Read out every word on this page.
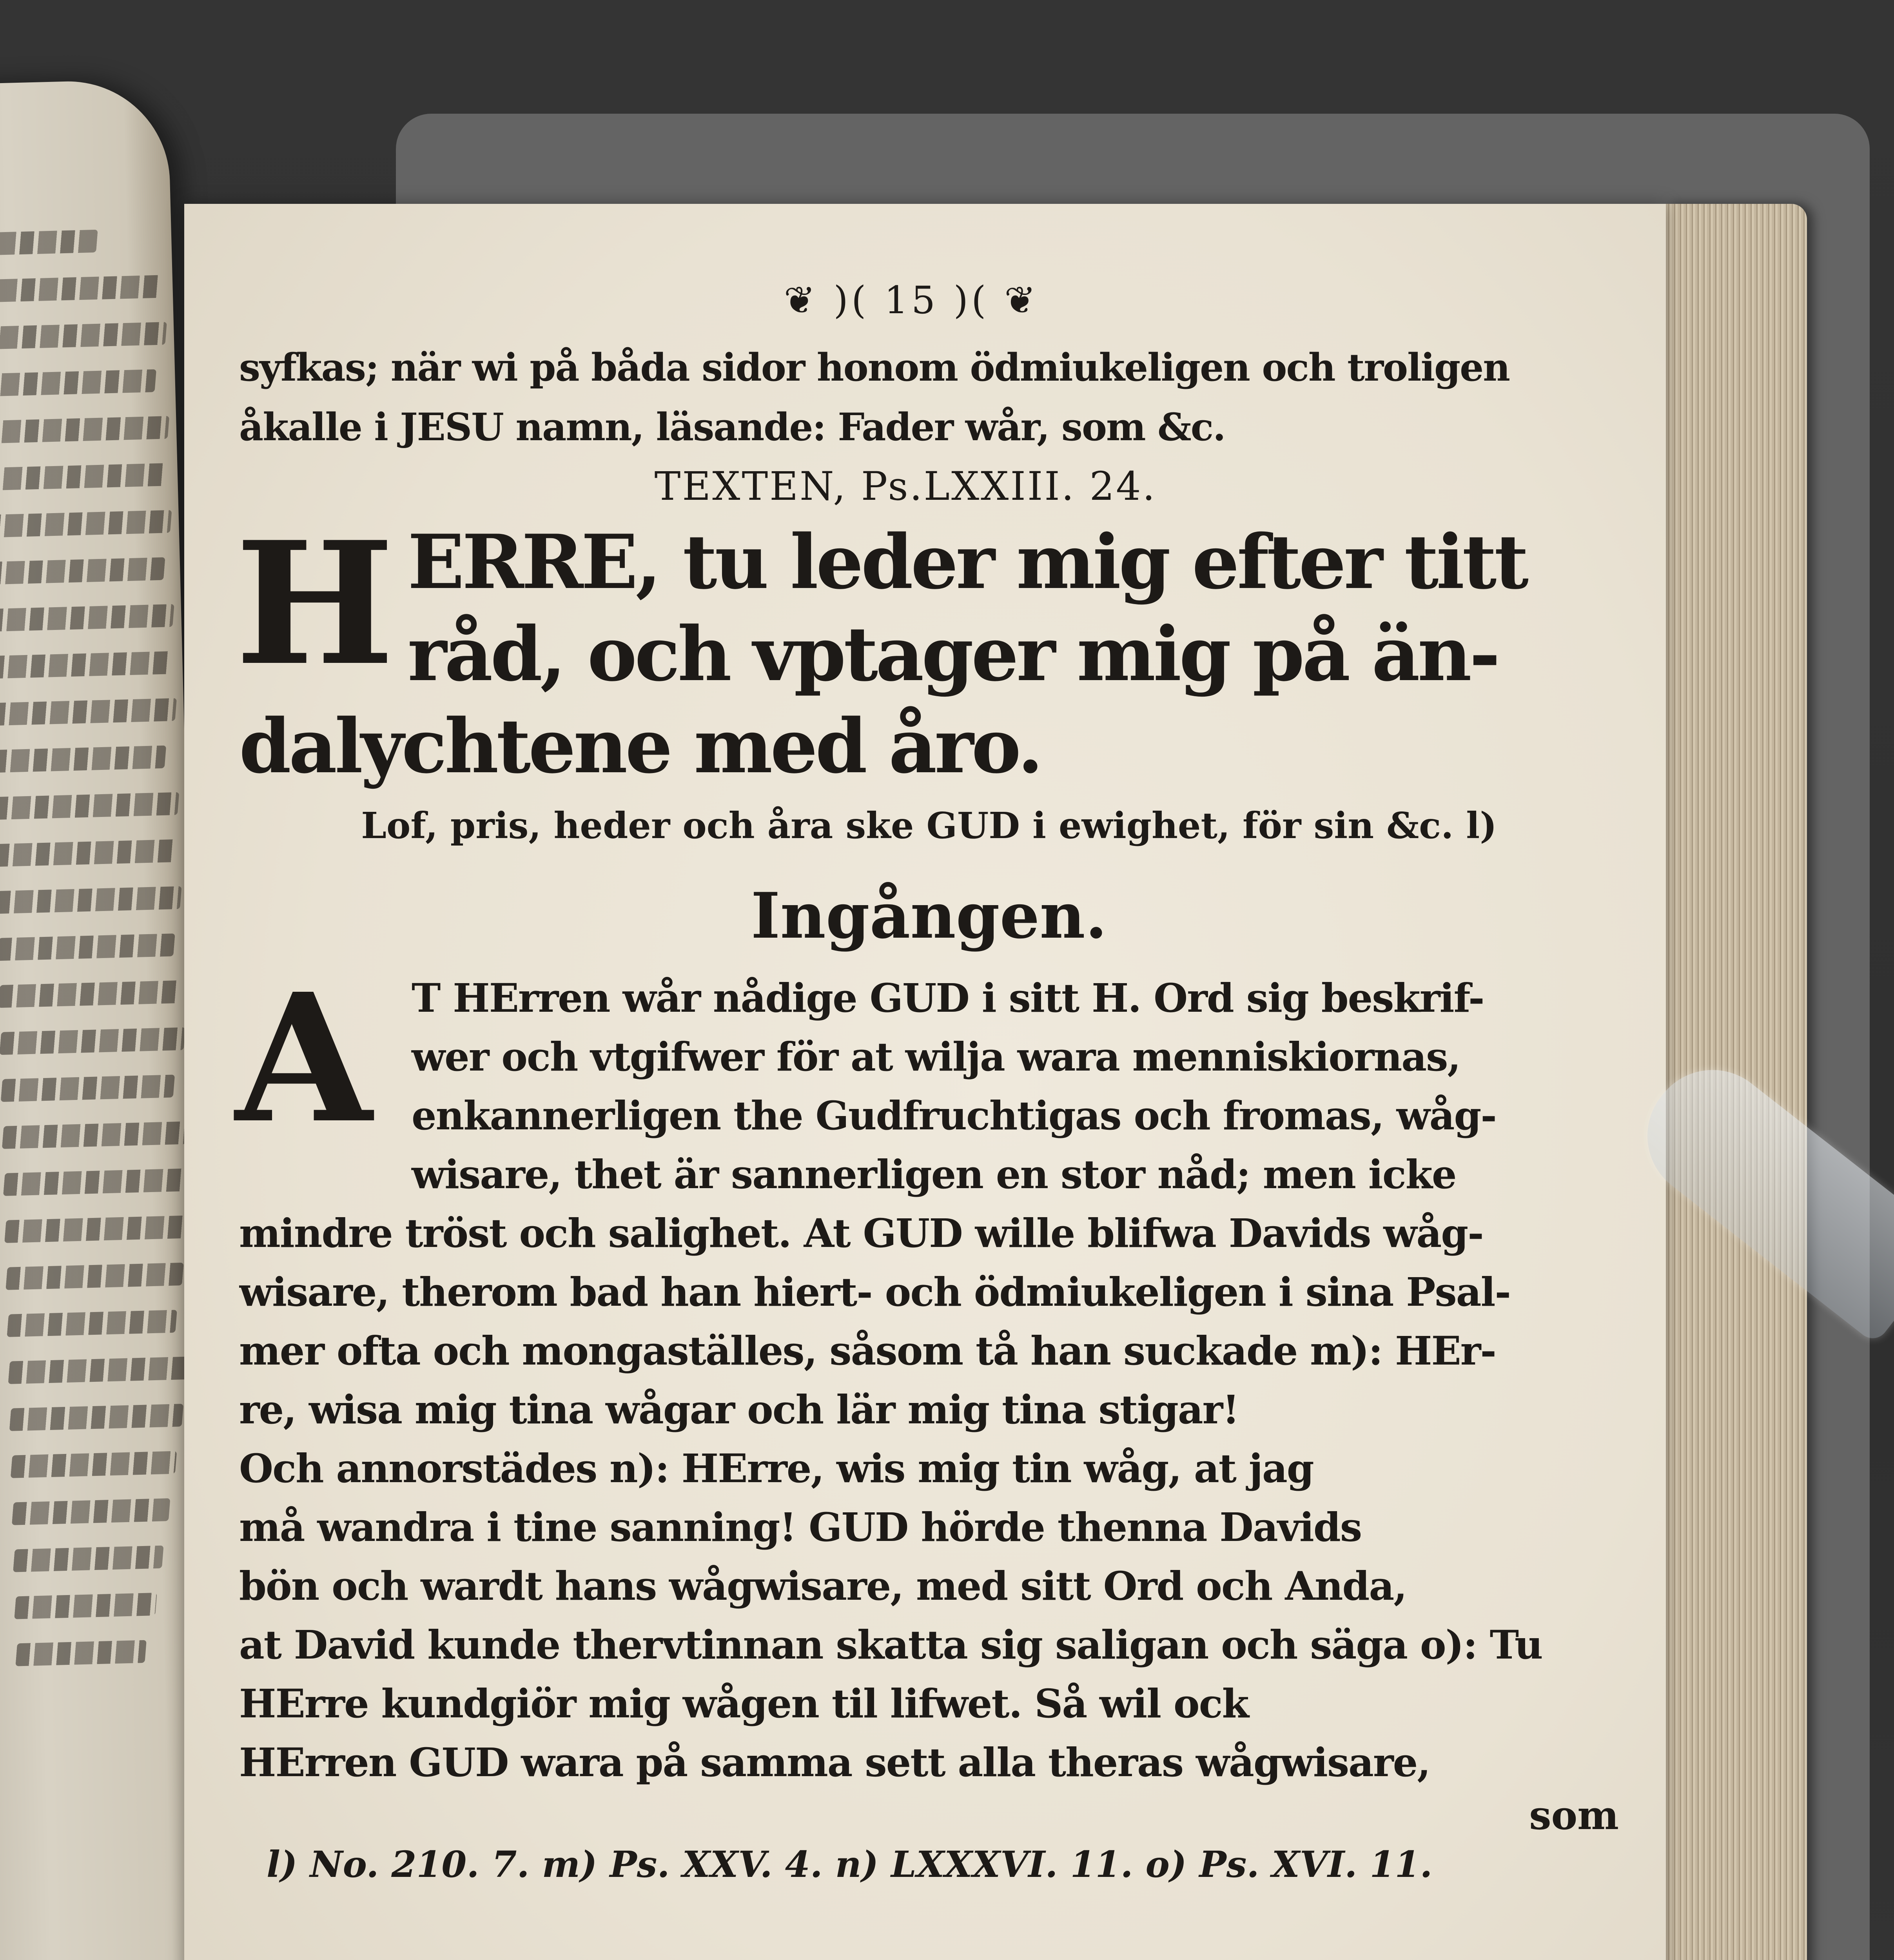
❦ )( 15 )( ❦
syfkas; när wi på båda sidor honom ödmiukeligen och troligen
åkalle i JESU namn, läsande: Fader wår, som &c.
TEXTEN, Ps.LXXIII. 24.
H ERRE, tu leder mig efter titt
råd, och vptager mig på än-
dalychtene med åro.
Lof, pris, heder och åra ske GUD i ewighet, för sin &c. l)
Ingången.
A	T HErren wår nådige GUD i sitt H. Ord sig beskrif-
wer och vtgifwer för at wilja wara menniskiornas,
enkannerligen the Gudfruchtigas och fromas, wåg-
wisare, thet är sannerligen en stor nåd; men icke
mindre tröst och salighet. At GUD wille blifwa Davids wåg-
wisare, therom bad han hiert- och ödmiukeligen i sina Psal-
mer ofta och mongaställes, såsom tå han suckade m): HEr-
re, wisa mig tina wågar och lär mig tina stigar!
Och annorstädes n): HErre, wis mig tin wåg, at jag
må wandra i tine sanning! GUD hörde thenna Davids
bön och wardt hans wågwisare, med sitt Ord och Anda,
at David kunde thervtinnan skatta sig saligan och säga o): Tu
HErre kundgiör mig wågen til lifwet. Så wil ock
HErren GUD wara på samma sett alla theras wågwisare,
som
l) No. 210. 7. m) Ps. XXV. 4. n) LXXXVI. 11. o) Ps. XVI. 11.
